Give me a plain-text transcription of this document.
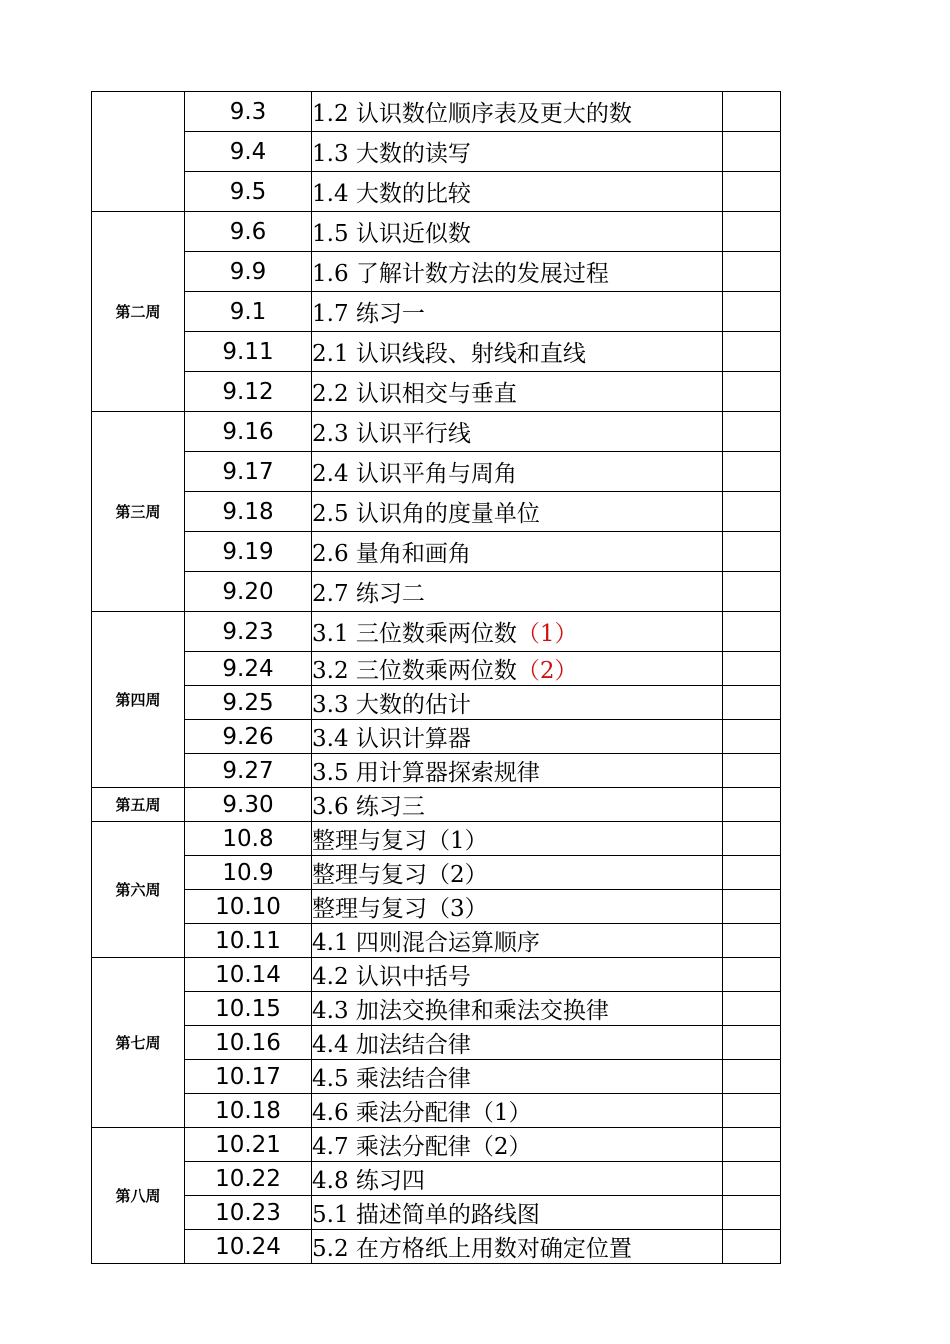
	9.3	1.2 认识数位顺序表及更大的数	
	9.4	1.3 大数的读写	
	9.5	1.4 大数的比较	
第二周	9.6	1.5 认识近似数	
	9.9	1.6 了解计数方法的发展过程	
	9.1	1.7 练习一	
	9.11	2.1 认识线段、射线和直线	
	9.12	2.2 认识相交与垂直	
第三周	9.16	2.3 认识平行线	
	9.17	2.4 认识平角与周角	
	9.18	2.5 认识角的度量单位	
	9.19	2.6 量角和画角	
	9.20	2.7 练习二	
第四周	9.23	3.1 三位数乘两位数（1）	
	9.24	3.2 三位数乘两位数（2）	
	9.25	3.3 大数的估计	
	9.26	3.4 认识计算器	
	9.27	3.5 用计算器探索规律	
第五周	9.30	3.6 练习三	
第六周	10.8	整理与复习（1）	
	10.9	整理与复习（2）	
	10.10	整理与复习（3）	
	10.11	4.1 四则混合运算顺序	
第七周	10.14	4.2 认识中括号	
	10.15	4.3 加法交换律和乘法交换律	
	10.16	4.4 加法结合律	
	10.17	4.5 乘法结合律	
	10.18	4.6 乘法分配律（1）	
第八周	10.21	4.7 乘法分配律（2）	
	10.22	4.8 练习四	
	10.23	5.1 描述简单的路线图	
	10.24	5.2 在方格纸上用数对确定位置	
